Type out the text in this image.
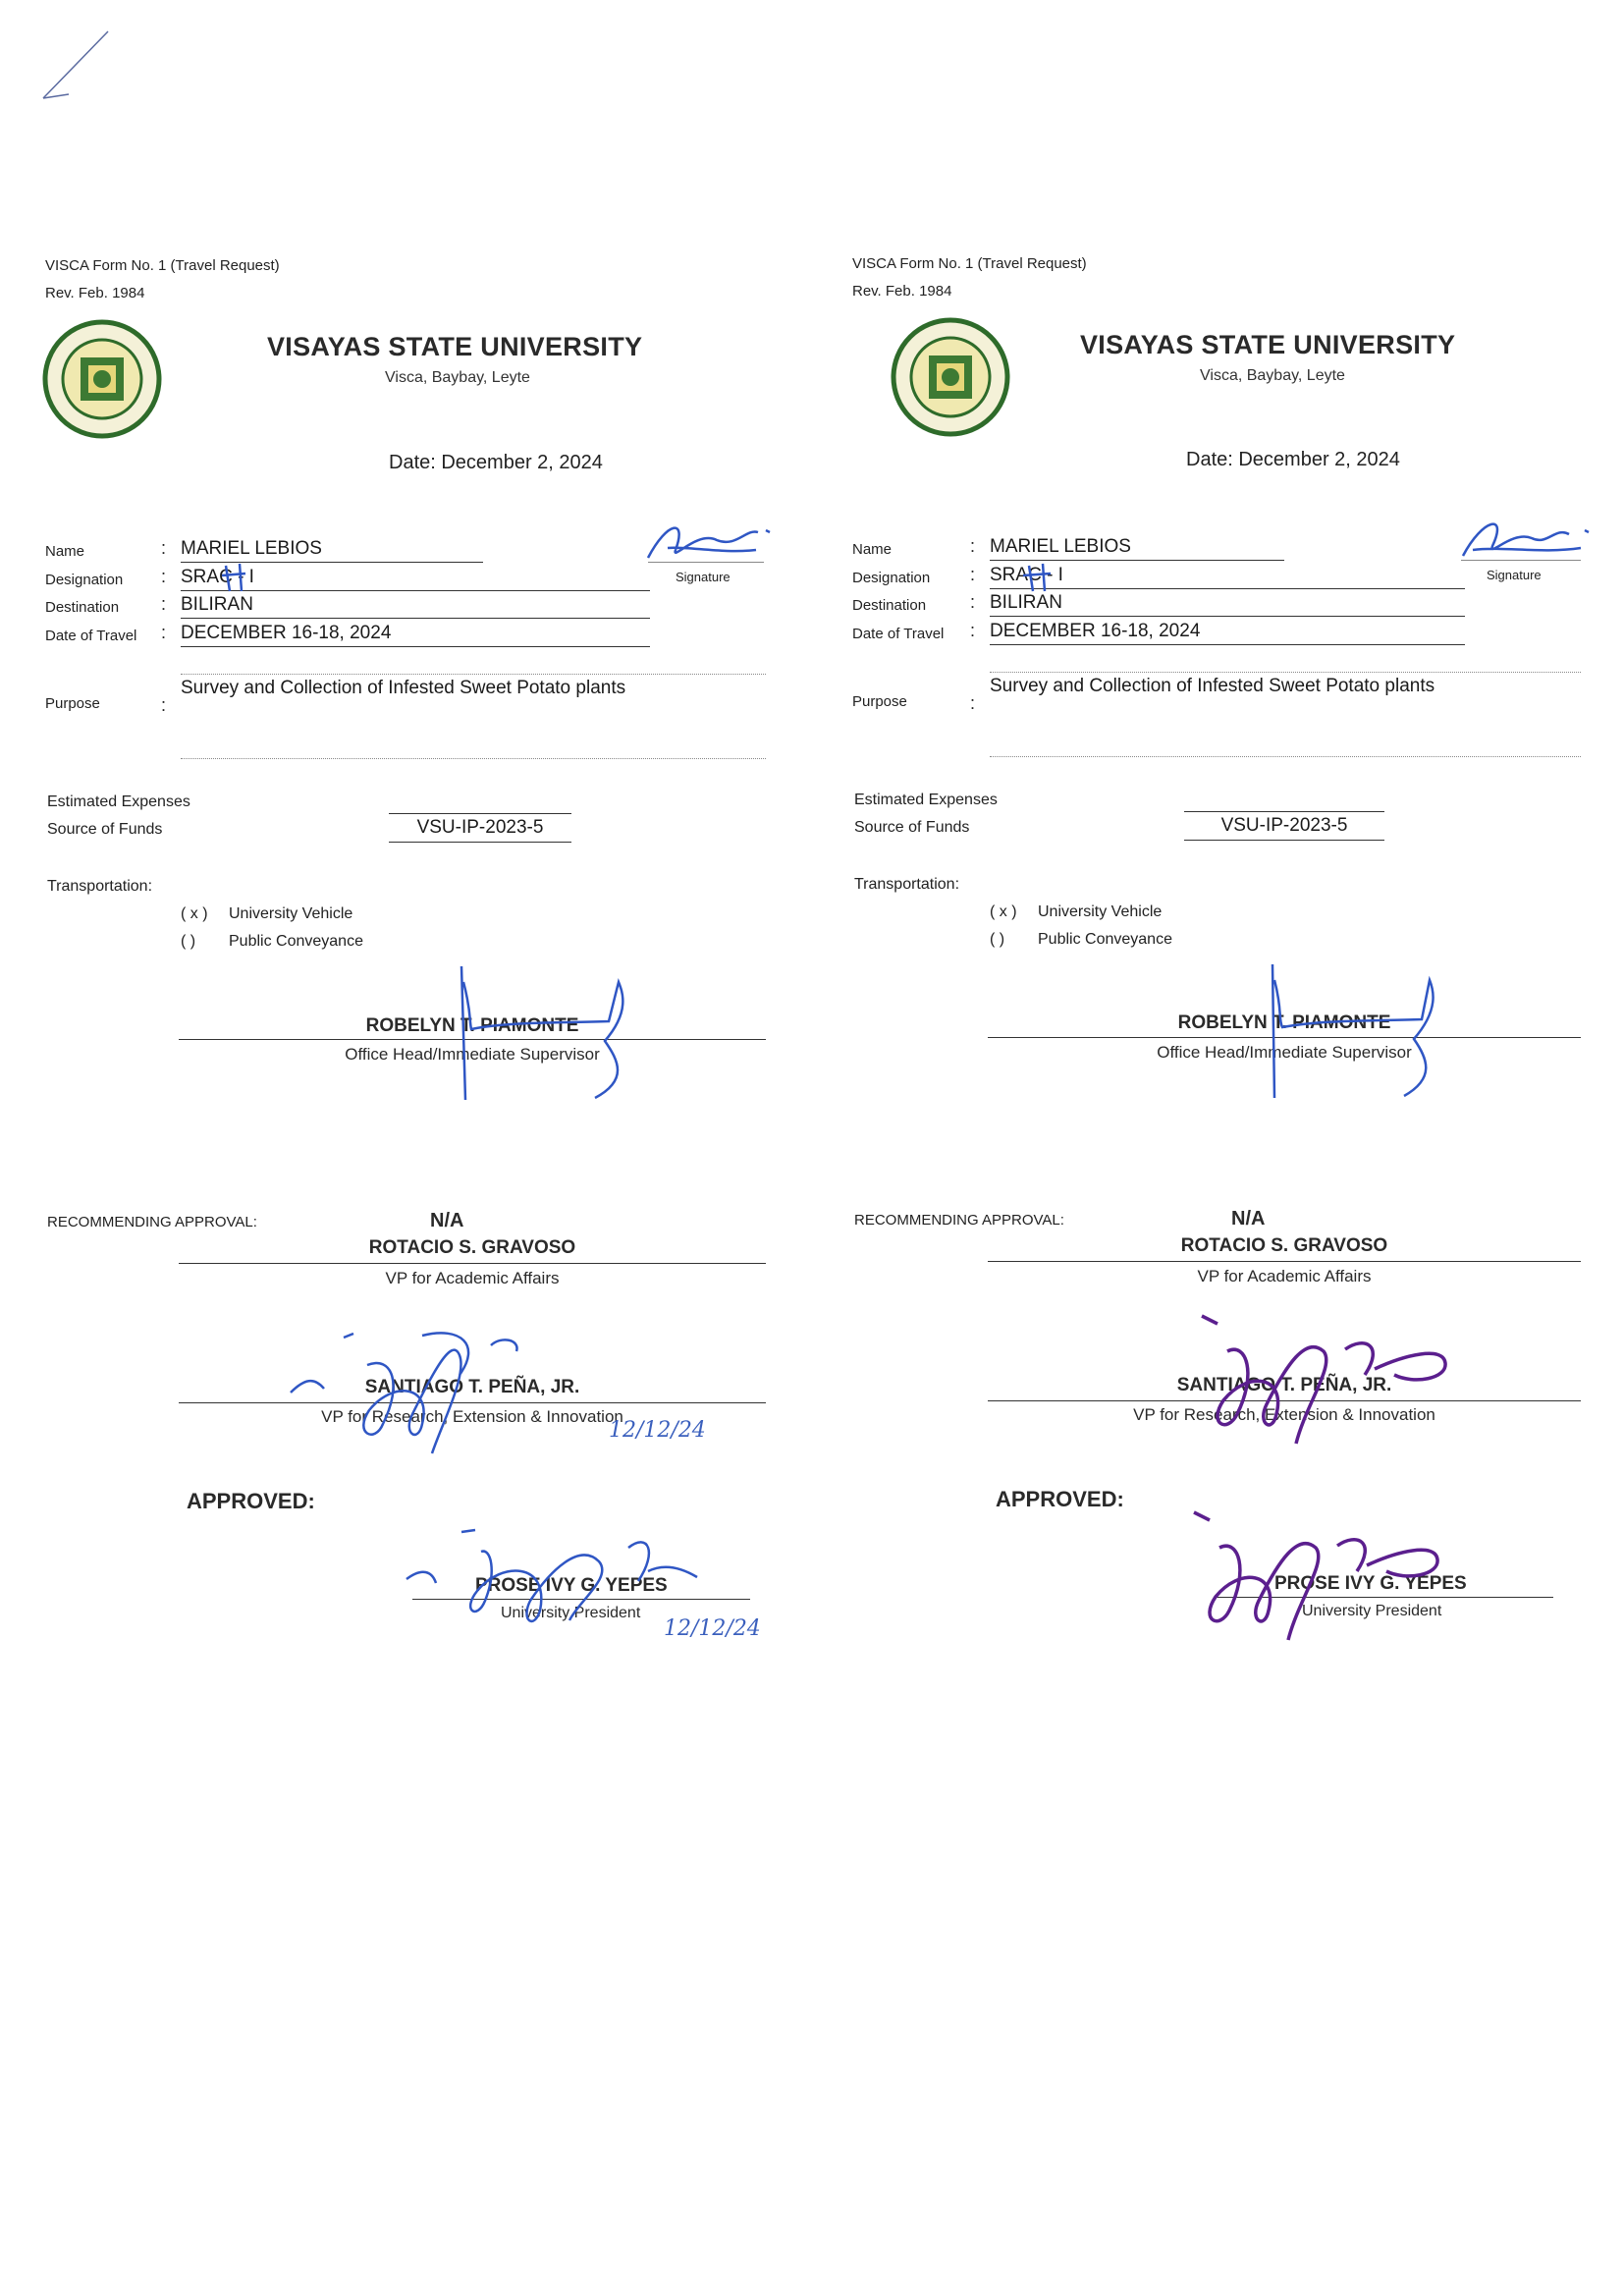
VISCA Form No. 1 (Travel Request)
Rev. Feb. 1984
VISAYAS STATE UNIVERSITY
Visca, Baybay, Leyte
Date: December 2, 2024
Name	: MARIEL LEBIOS
Designation : SRAC - I
Destination : BILIRAN
Date of Travel : DECEMBER 16-18, 2024
Signature
Purpose	:
Survey and Collection of Infested Sweet Potato plants
Estimated Expenses
Source of Funds	VSU-IP-2023-5
Transportation:
( x ) University Vehicle
( ) Public Conveyance
ROBELYN T. PIAMONTE
Office Head/Immediate Supervisor
RECOMMENDING APPROVAL:	N/A
ROTACIO S. GRAVOSO
VP for Academic Affairs
SANTIAGO T. PEÑA, JR.
VP for Research, Extension & Innovation
12/12/24
APPROVED:
PROSE IVY G. YEPES
University President
12/12/24
VISCA Form No. 1 (Travel Request)
Rev. Feb. 1984
VISAYAS STATE UNIVERSITY
Visca, Baybay, Leyte
Date: December 2, 2024
Name	: MARIEL LEBIOS
Designation : SRAC - I
Destination : BILIRAN
Date of Travel : DECEMBER 16-18, 2024
Signature
Purpose	:
Survey and Collection of Infested Sweet Potato plants
Estimated Expenses
Source of Funds	VSU-IP-2023-5
Transportation:
( x ) University Vehicle
( ) Public Conveyance
ROBELYN T. PIAMONTE
Office Head/Immediate Supervisor
RECOMMENDING APPROVAL:	N/A
ROTACIO S. GRAVOSO
VP for Academic Affairs
SANTIAGO T. PEÑA, JR.
VP for Research, Extension & Innovation
APPROVED:
PROSE IVY G. YEPES
University President
